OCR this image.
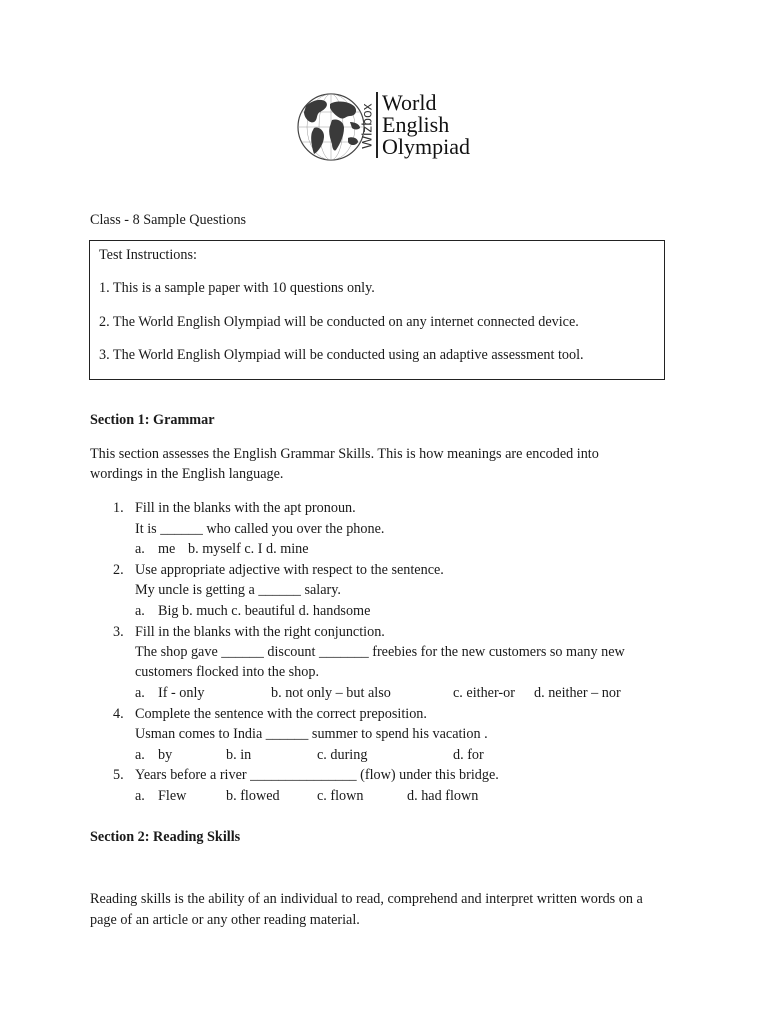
Wizbox
World
English
Olympiad
Class - 8 Sample Questions
Test Instructions:
1. This is a sample paper with 10 questions only.
2. The World English Olympiad will be conducted on any internet connected device.
3. The World English Olympiad will be conducted using an adaptive assessment tool.
Section 1: Grammar
This section assesses the English Grammar Skills. This is how meanings are encoded into
wordings in the English language.
1. Fill in the blanks with the apt pronoun.
It is ______ who called you over the phone.
a. me b. myself c. I d. mine
2. Use appropriate adjective with respect to the sentence.
My uncle is getting a ______ salary.
a. Big b. much c. beautiful d. handsome
3. Fill in the blanks with the right conjunction.
The shop gave ______ discount _______ freebies for the new customers so many new
customers flocked into the shop.
a. If - only	b. not only – but also	c. either-or d. neither – nor
4. Complete the sentence with the correct preposition.
Usman comes to India ______ summer to spend his vacation .
a. by	b. in	c. during	d. for
5. Years before a river _______________ (flow) under this bridge.
a. Flew	b. flowed	c. flown	d. had flown
Section 2: Reading Skills
Reading skills is the ability of an individual to read, comprehend and interpret written words on a
page of an article or any other reading material.
